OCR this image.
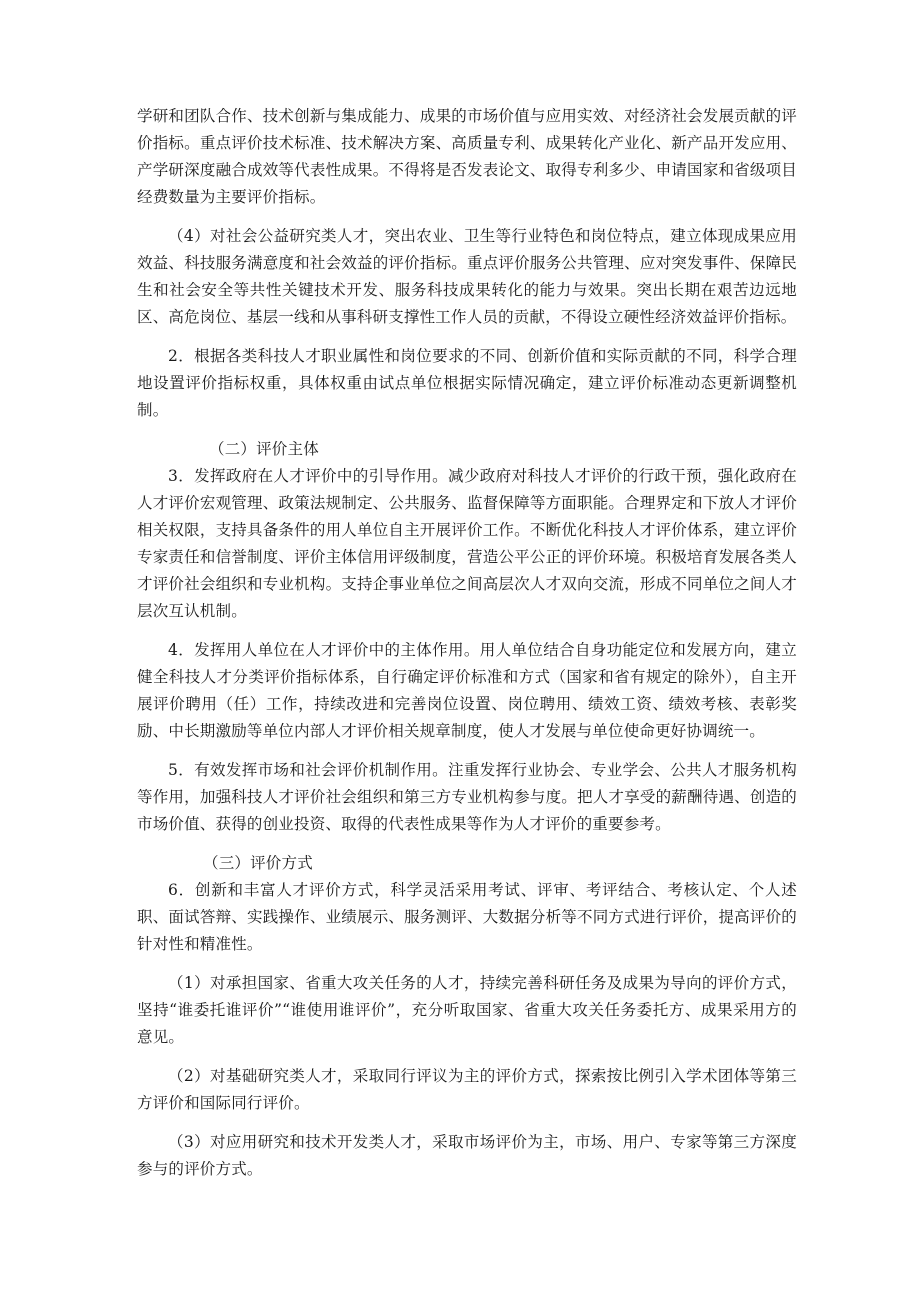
学研和团队合作、技术创新与集成能力、成果的市场价值与应用实效、对经济社会发展贡献的评价指标。重点评价技术标准、技术解决方案、高质量专利、成果转化产业化、新产品开发应用、产学研深度融合成效等代表性成果。不得将是否发表论文、取得专利多少、申请国家和省级项目经费数量为主要评价指标。

（4）对社会公益研究类人才，突出农业、卫生等行业特色和岗位特点，建立体现成果应用效益、科技服务满意度和社会效益的评价指标。重点评价服务公共管理、应对突发事件、保障民生和社会安全等共性关键技术开发、服务科技成果转化的能力与效果。突出长期在艰苦边远地区、高危岗位、基层一线和从事科研支撑性工作人员的贡献，不得设立硬性经济效益评价指标。

2．根据各类科技人才职业属性和岗位要求的不同、创新价值和实际贡献的不同，科学合理地设置评价指标权重，具体权重由试点单位根据实际情况确定，建立评价标准动态更新调整机制。

（二）评价主体

3．发挥政府在人才评价中的引导作用。减少政府对科技人才评价的行政干预，强化政府在人才评价宏观管理、政策法规制定、公共服务、监督保障等方面职能。合理界定和下放人才评价相关权限，支持具备条件的用人单位自主开展评价工作。不断优化科技人才评价体系，建立评价专家责任和信誉制度、评价主体信用评级制度，营造公平公正的评价环境。积极培育发展各类人才评价社会组织和专业机构。支持企事业单位之间高层次人才双向交流，形成不同单位之间人才层次互认机制。

4．发挥用人单位在人才评价中的主体作用。用人单位结合自身功能定位和发展方向，建立健全科技人才分类评价指标体系，自行确定评价标准和方式（国家和省有规定的除外），自主开展评价聘用（任）工作，持续改进和完善岗位设置、岗位聘用、绩效工资、绩效考核、表彰奖励、中长期激励等单位内部人才评价相关规章制度，使人才发展与单位使命更好协调统一。

5．有效发挥市场和社会评价机制作用。注重发挥行业协会、专业学会、公共人才服务机构等作用，加强科技人才评价社会组织和第三方专业机构参与度。把人才享受的薪酬待遇、创造的市场价值、获得的创业投资、取得的代表性成果等作为人才评价的重要参考。

（三）评价方式

6．创新和丰富人才评价方式，科学灵活采用考试、评审、考评结合、考核认定、个人述职、面试答辩、实践操作、业绩展示、服务测评、大数据分析等不同方式进行评价，提高评价的针对性和精准性。

（1）对承担国家、省重大攻关任务的人才，持续完善科研任务及成果为导向的评价方式，坚持“谁委托谁评价”“谁使用谁评价”，充分听取国家、省重大攻关任务委托方、成果采用方的意见。

（2）对基础研究类人才，采取同行评议为主的评价方式，探索按比例引入学术团体等第三方评价和国际同行评价。

（3）对应用研究和技术开发类人才，采取市场评价为主，市场、用户、专家等第三方深度参与的评价方式。
